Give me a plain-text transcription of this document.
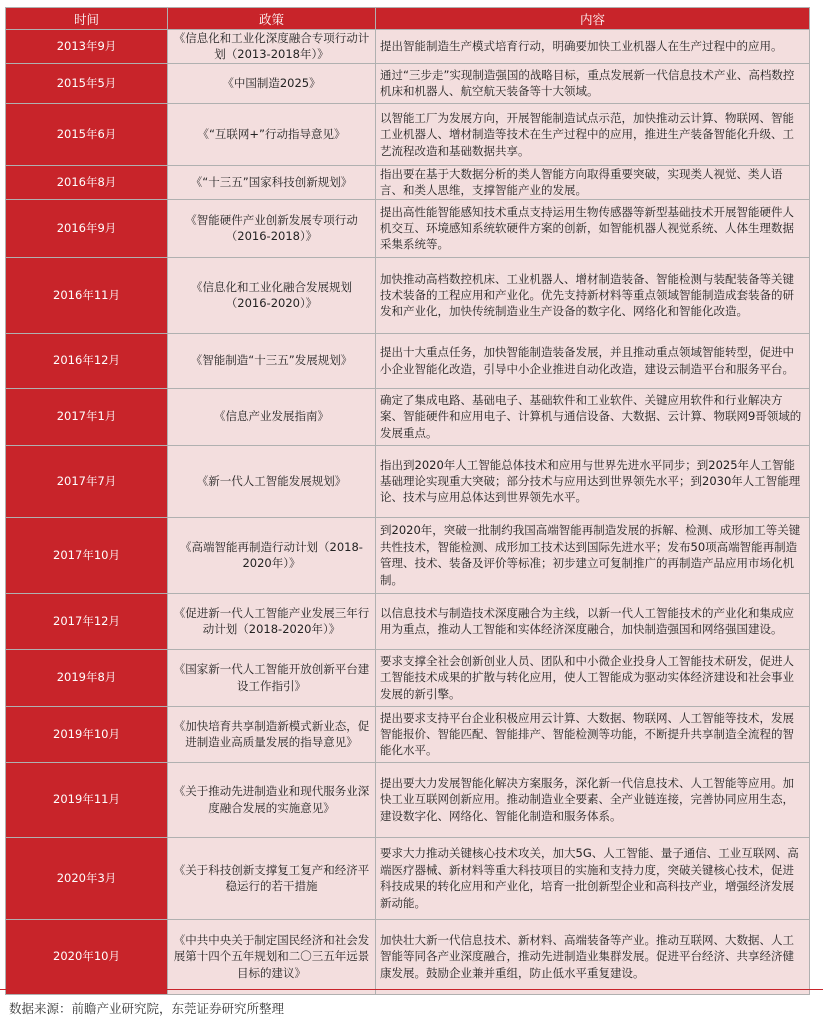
时间	政策	内容
2013年9月	《信息化和工业化深度融合专项行动计划（2013-2018年）》	提出智能制造生产模式培育行动，明确要加快工业机器人在生产过程中的应用。
2015年5月	《中国制造2025》	通过“三步走”实现制造强国的战略目标，重点发展新一代信息技术产业、高档数控机床和机器人、航空航天装备等十大领域。
2015年6月	《“互联网+”行动指导意见》	以智能工厂为发展方向，开展智能制造试点示范，加快推动云计算、物联网、智能工业机器人、增材制造等技术在生产过程中的应用，推进生产装备智能化升级、工艺流程改造和基础数据共享。
2016年8月	《“十三五”国家科技创新规划》	指出要在基于大数据分析的类人智能方向取得重要突破，实现类人视觉、类人语言、和类人思维，支撑智能产业的发展。
2016年9月	《智能硬件产业创新发展专项行动（2016-2018）》	提出高性能智能感知技术重点支持运用生物传感器等新型基础技术开展智能硬件人机交互、环境感知系统软硬件方案的创新，如智能机器人视觉系统、人体生理数据采集系统等。
2016年11月	《信息化和工业化融合发展规划（2016-2020）》	加快推动高档数控机床、工业机器人、增材制造装备、智能检测与装配装备等关键技术装备的工程应用和产业化。优先支持新材料等重点领域智能制造成套装备的研发和产业化，加快传统制造业生产设备的数字化、网络化和智能化改造。
2016年12月	《智能制造“十三五”发展规划》	提出十大重点任务，加快智能制造装备发展，并且推动重点领域智能转型，促进中小企业智能化改造，引导中小企业推进自动化改造，建设云制造平台和服务平台。
2017年1月	《信息产业发展指南》	确定了集成电路、基础电子、基础软件和工业软件、关键应用软件和行业解决方案、智能硬件和应用电子、计算机与通信设备、大数据、云计算、物联网9哥领域的发展重点。
2017年7月	《新一代人工智能发展规划》	指出到2020年人工智能总体技术和应用与世界先进水平同步；到2025年人工智能基础理论实现重大突破；部分技术与应用达到世界领先水平；到2030年人工智能理论、技术与应用总体达到世界领先水平。
2017年10月	《高端智能再制造行动计划（2018-2020年）》	到2020年，突破一批制约我国高端智能再制造发展的拆解、检测、成形加工等关键共性技术，智能检测、成形加工技术达到国际先进水平；发布50项高端智能再制造管理、技术、装备及评价等标准；初步建立可复制推广的再制造产品应用市场化机制。
2017年12月	《促进新一代人工智能产业发展三年行动计划（2018-2020年）》	以信息技术与制造技术深度融合为主线，以新一代人工智能技术的产业化和集成应用为重点，推动人工智能和实体经济深度融合，加快制造强国和网络强国建设。
2019年8月	《国家新一代人工智能开放创新平台建设工作指引》	要求支撑全社会创新创业人员、团队和中小微企业投身人工智能技术研发，促进人工智能技术成果的扩散与转化应用，使人工智能成为驱动实体经济建设和社会事业发展的新引擎。
2019年10月	《加快培育共享制造新模式新业态，促进制造业高质量发展的指导意见》	提出要求支持平台企业积极应用云计算、大数据、物联网、人工智能等技术，发展智能报价、智能匹配、智能排产、智能检测等功能，不断提升共享制造全流程的智能化水平。
2019年11月	《关于推动先进制造业和现代服务业深度融合发展的实施意见》	提出要大力发展智能化解决方案服务，深化新一代信息技术、人工智能等应用。加快工业互联网创新应用。推动制造业全要素、全产业链连接，完善协同应用生态，建设数字化、网络化、智能化制造和服务体系。
2020年3月	《关于科技创新支撑复工复产和经济平稳运行的若干措施	要求大力推动关键核心技术攻关，加大5G、人工智能、量子通信、工业互联网、高端医疗器械、新材料等重大科技项目的实施和支持力度，突破关键核心技术，促进科技成果的转化应用和产业化，培育一批创新型企业和高科技产业，增强经济发展新动能。
2020年10月	《中共中央关于制定国民经济和社会发展第十四个五年规划和二〇三五年远景目标的建议》	加快壮大新一代信息技术、新材料、高端装备等产业。推动互联网、大数据、人工智能等同各产业深度融合，推动先进制造业集群发展。促进平台经济、共享经济健康发展。鼓励企业兼并重组，防止低水平重复建设。
数据来源：前瞻产业研究院，东莞证券研究所整理
